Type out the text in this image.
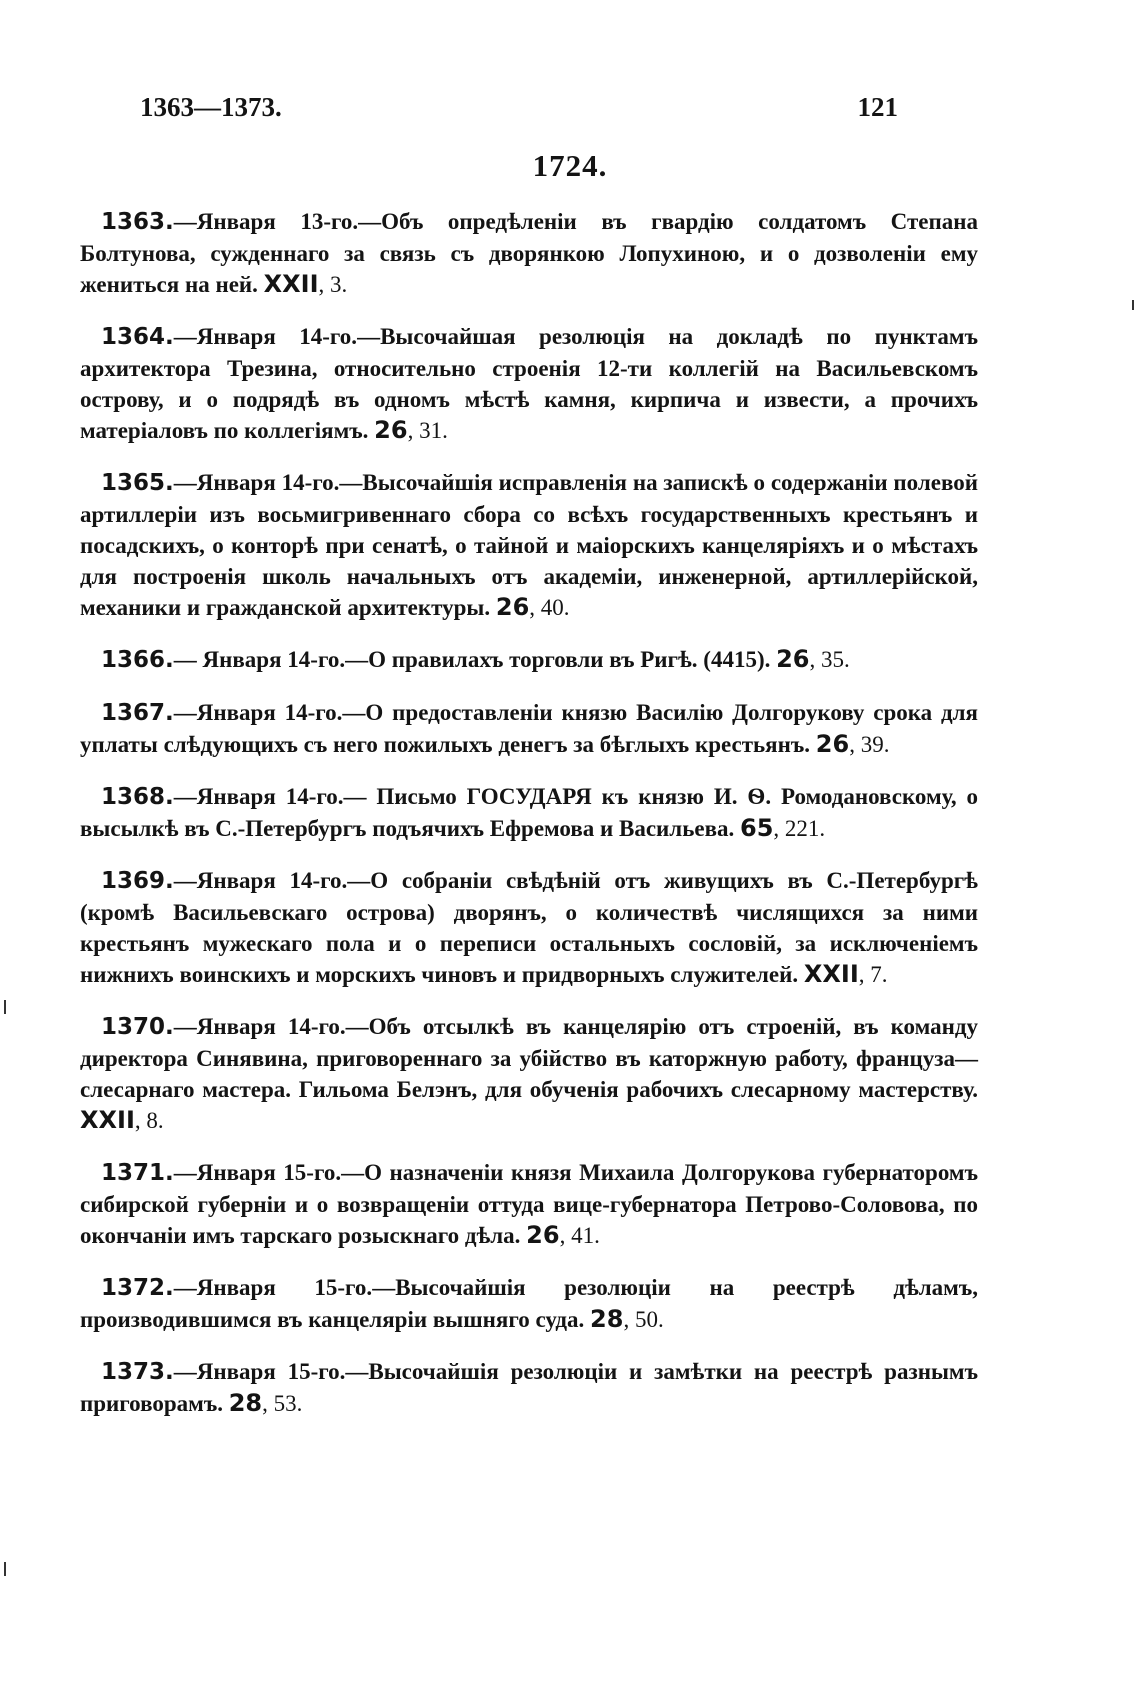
1363—1373.	121
1724.

1363.—Января 13-го.—Объ опредѣленіи въ гвардію солдатомъ Степана Болтунова, сужденнаго за связь съ дворянкою Лопухиною, и о дозволеніи ему жениться на ней. XXII, 3.

1364.—Января 14-го.—Высочайшая резолюція на докладѣ по пунктамъ архитектора Трезина, относительно строенія 12-ти коллегій на Васильевскомъ острову, и о подрядѣ въ одномъ мѣстѣ камня, кирпича и извести, а прочихъ матеріаловъ по коллегіямъ. 26, 31.

1365.—Января 14-го.—Высочайшія исправленія на запискѣ о содержаніи полевой артиллеріи изъ восьмигривеннаго сбора со всѣхъ государственныхъ крестьянъ и посадскихъ, о конторѣ при сенатѣ, о тайной и маіорскихъ канцеляріяхъ и о мѣстахъ для построенія школь начальныхъ отъ академіи, инженерной, артиллерійской, механики и гражданской архитектуры. 26, 40.

1366.— Января 14-го.—О правилахъ торговли въ Ригѣ. (4415). 26, 35.

1367.—Января 14-го.—О предоставленіи князю Василію Долгорукову срока для уплаты слѣдующихъ съ него пожилыхъ денегъ за бѣглыхъ крестьянъ. 26, 39.

1368.—Января 14-го.— Письмо ГОСУДАРЯ къ князю И. Ѳ. Ромодановскому, о высылкѣ въ С.-Петербургъ подъячихъ Ефремова и Васильева. 65, 221.

1369.—Января 14-го.—О собраніи свѣдѣній отъ живущихъ въ С.-Петербургѣ (кромѣ Васильевскаго острова) дворянъ, о количествѣ числящихся за ними крестьянъ мужескаго пола и о переписи остальныхъ сословій, за исключеніемъ нижнихъ воинскихъ и морскихъ чиновъ и придворныхъ служителей. XXII, 7.

1370.—Января 14-го.—Объ отсылкѣ въ канцелярію отъ строеній, въ команду директора Синявина, приговореннаго за убійство въ каторжную работу, француза—слесарнаго мастера. Гильома Белэнъ, для обученія рабочихъ слесарному мастерству. XXII, 8.

1371.—Января 15-го.—О назначеніи князя Михаила Долгорукова губернаторомъ сибирской губерніи и о возвращеніи оттуда вице-губернатора Петрово-Соловова, по окончаніи имъ тарскаго розыскнаго дѣла. 26, 41.

1372.—Января 15-го.—Высочайшія резолюціи на реестрѣ дѣламъ, производившимся въ канцеляріи вышняго суда. 28, 50.

1373.—Января 15-го.—Высочайшія резолюціи и замѣтки на реестрѣ разнымъ приговорамъ. 28, 53.
